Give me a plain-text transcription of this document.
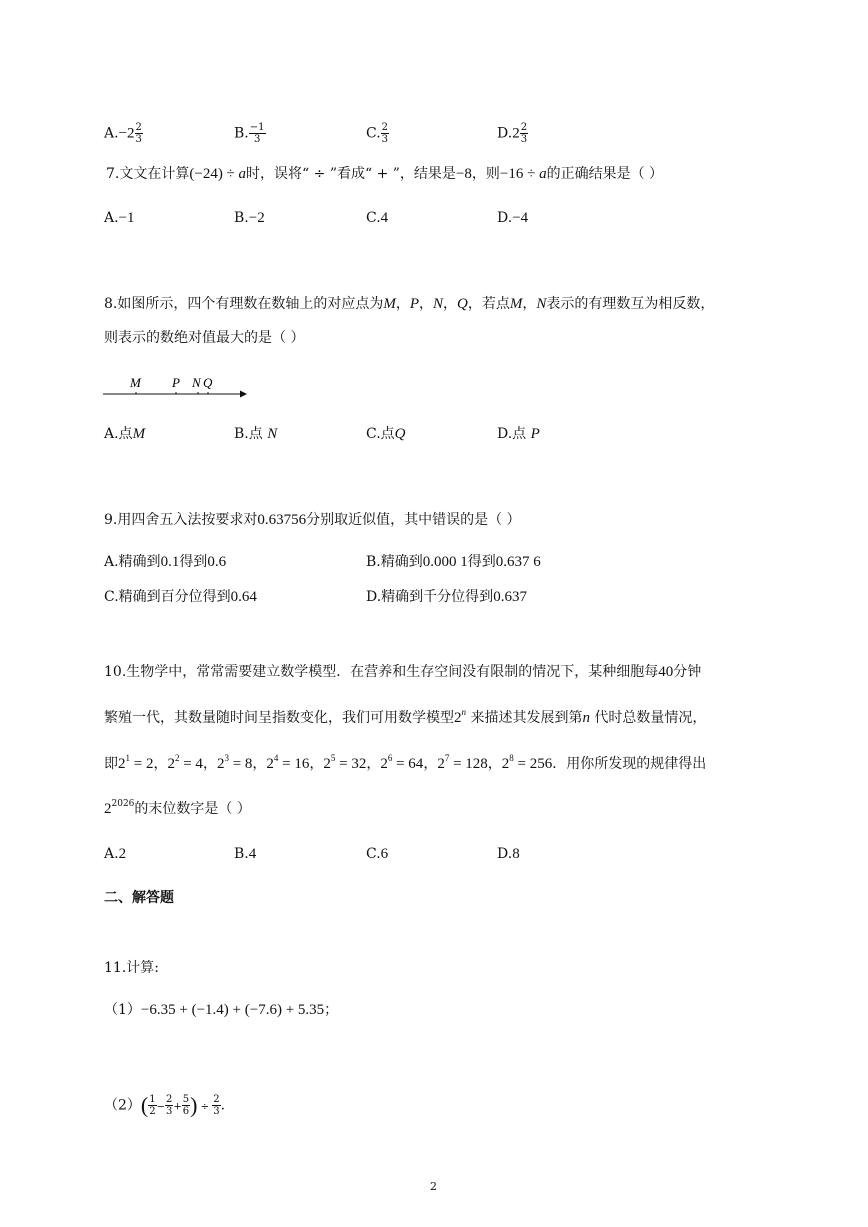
$A.-2 \frac{2}{3}$	B. $\frac{-1}{3}$	C. $\frac{2}{3}$	$D.2 \frac{2}{3}$
7.文文在计算(−24) ÷ a时，误将“ ÷ ”看成“ + ”，结果是−8，则−16 ÷ a的正确结果是（ ）
A.−1	B.−2	C.4	D.−4
8.如图所示，四个有理数在数轴上的对应点为M，P，N，Q，若点M，N表示的有理数互为相反数，
则表示的数绝对值最大的是（ ）
M P N Q
A.点M	B.点 N	C.点Q	D.点 P
9.用四舍五入法按要求对0.63756分别取近似值，其中错误的是（ ）
A.精确到0.1得到0.6	B.精确到0.000 1得到0.637 6
C.精确到百分位得到0.64	D.精确到千分位得到0.637
10.生物学中，常常需要建立数学模型．在营养和生存空间没有限制的情况下，某种细胞每40分钟
繁殖一代，其数量随时间呈指数变化，我们可用数学模型2$^n$ 来描述其发展到第n 代时总数量情况，
即$2^1 = 2$，$2^2 = 4$，$2^3 = 8$，$2^4 = 16$，$2^5 = 32$，$2^6 = 64$，$2^7 = 128$，$2^8 = 256$．用你所发现的规律得出
$2^{2026}$的末位数字是（ ）
A.2	B.4	C.6	D.8
二、解答题
11.计算:
（1）−6.35 + (−1.4) + (−7.6) + 5.35；
$(2)( \frac{1}{2} - \frac{2}{3} + \frac{5}{6}$ ) ÷ $\frac{2}{3}$ .
2
